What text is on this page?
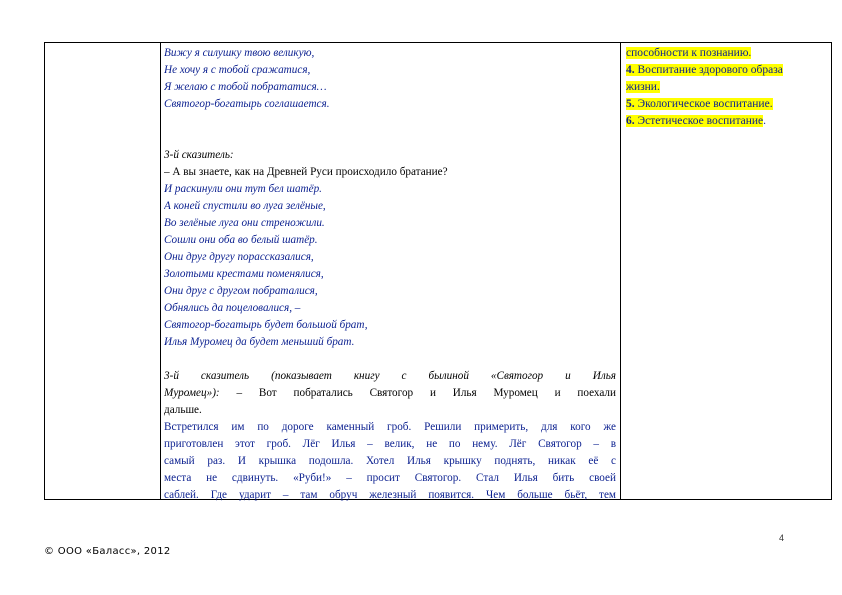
Вижу я силушку твою великую,
Не хочу я с тобой сражатися,
Я желаю с тобой побрататися…
Святогор-богатырь соглашается.
3-й сказитель:
– А вы знаете, как на Древней Руси происходило братание?
И раскинули они тут бел шатёр.
А коней спустили во луга зелёные,
Во зелёные луга они стреножили.
Сошли они оба во белый шатёр.
Они друг другу порассказалися,
Золотыми крестами поменялися,
Они друг с другом побраталися,
Обнялись да поцеловалися, –
Святогор-богатырь будет большой брат,
Илья Муромец да будет меньший брат.
3-й сказитель (показывает книгу с былиной «Святогор и Илья
Муромец»): – Вот побратались Святогор и Илья Муромец и поехали
дальше.
Встретился им по дороге каменный гроб. Решили примерить, для кого же
приготовлен этот гроб. Лёг Илья – велик, не по нему. Лёг Святогор – в
самый раз. И крышка подошла. Хотел Илья крышку поднять, никак её с
места не сдвинуть. «Руби!» – просит Святогор. Стал Илья бить своей
саблей. Где ударит – там обруч железный появится. Чем больше бьёт, тем
способности к познанию.
4. Воспитание здорового образа
жизни.
5. Экологическое воспитание.
6. Эстетическое воспитание.
4
© ООО «Баласс», 2012
